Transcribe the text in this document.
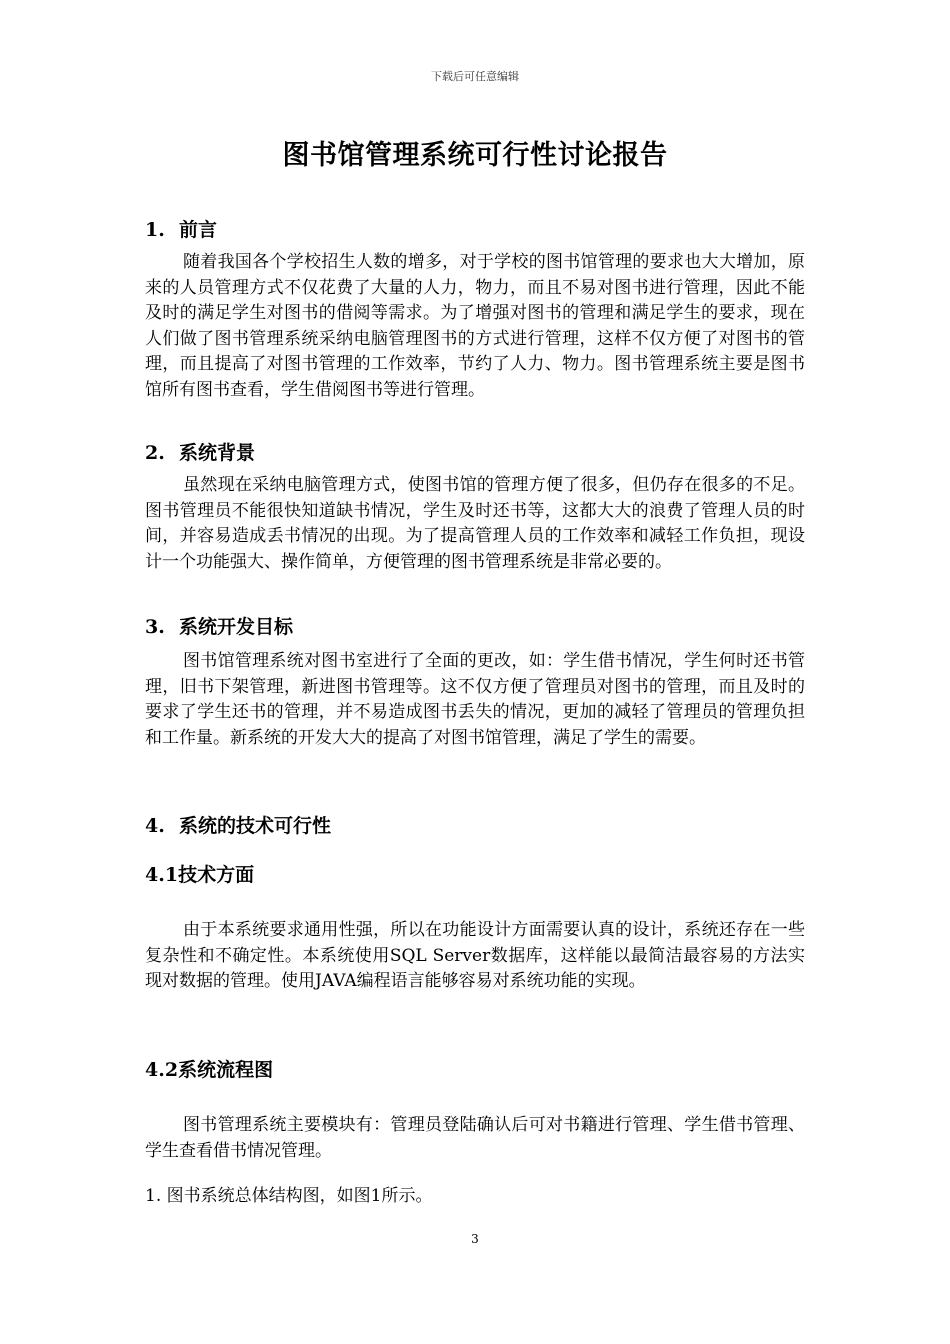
下载后可任意编辑
图书馆管理系统可行性讨论报告
1. 前言
随着我国各个学校招生人数的增多，对于学校的图书馆管理的要求也大大增加，原来的人员管理方式不仅花费了大量的人力，物力，而且不易对图书进行管理，因此不能及时的满足学生对图书的借阅等需求。为了增强对图书的管理和满足学生的要求，现在人们做了图书管理系统采纳电脑管理图书的方式进行管理，这样不仅方便了对图书的管理，而且提高了对图书管理的工作效率，节约了人力、物力。图书管理系统主要是图书馆所有图书查看，学生借阅图书等进行管理。
2. 系统背景
虽然现在采纳电脑管理方式，使图书馆的管理方便了很多，但仍存在很多的不足。图书管理员不能很快知道缺书情况，学生及时还书等，这都大大的浪费了管理人员的时间，并容易造成丢书情况的出现。为了提高管理人员的工作效率和减轻工作负担，现设计一个功能强大、操作简单，方便管理的图书管理系统是非常必要的。
3. 系统开发目标
图书馆管理系统对图书室进行了全面的更改，如：学生借书情况，学生何时还书管理，旧书下架管理，新进图书管理等。这不仅方便了管理员对图书的管理，而且及时的要求了学生还书的管理，并不易造成图书丢失的情况，更加的减轻了管理员的管理负担和工作量。新系统的开发大大的提高了对图书馆管理，满足了学生的需要。
4. 系统的技术可行性
4.1技术方面
由于本系统要求通用性强，所以在功能设计方面需要认真的设计，系统还存在一些复杂性和不确定性。本系统使用SQL Server数据库，这样能以最简洁最容易的方法实现对数据的管理。使用JAVA编程语言能够容易对系统功能的实现。
4.2系统流程图
图书管理系统主要模块有：管理员登陆确认后可对书籍进行管理、学生借书管理、学生查看借书情况管理。
1. 图书系统总体结构图，如图1所示。
3
